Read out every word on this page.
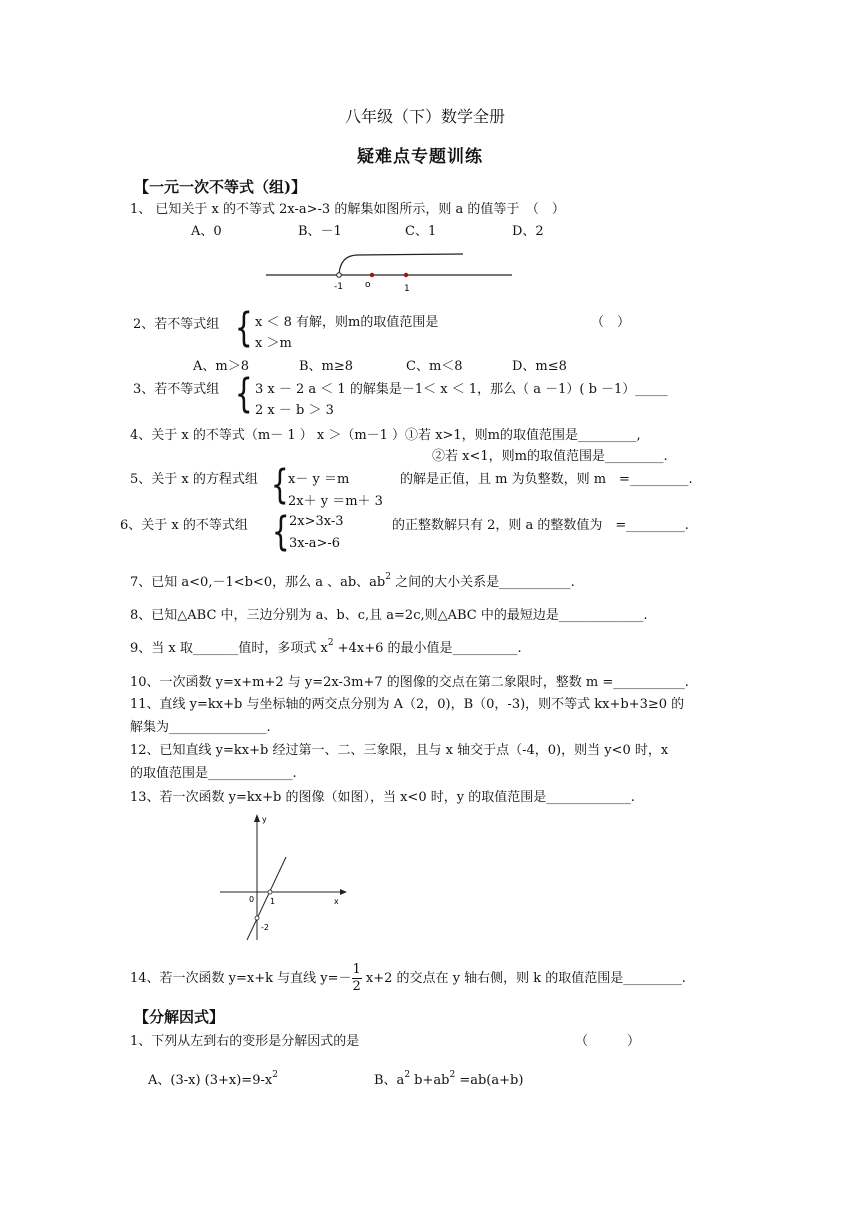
八年级（下）数学全册
疑难点专题训练
【一元一次不等式（组)】
1、 已知关于 x 的不等式 2x-a>-3 的解集如图所示，则 a 的值等于　（　）
A、0	B、－1	C、1	D、2
-1 o	1
2、若不等式组 { x ＜ 8 有解，则m的取值范围是	（　）
x ＞m
A、m＞8	B、m≥8	C、m＜8	D、m≤8
3、若不等式组 { 3 x － 2 a ＜ 1 的解集是－1＜ x ＜ 1，那么（ a －1）( b －1）_____
2 x － b ＞ 3
4、关于 x 的不等式（m－ 1 ） x ＞（m－1 ）①若 x>1，则m的取值范围是_________,
②若 x<1，则m的取值范围是_________.
5、关于 x 的方程式组 { x－ y ＝m	的解是正值，且 m 为负整数，则 m　=_________.
2x＋ y ＝m＋ 3
6、关于 x 的不等式组 { 2x>3x-3	的正整数解只有 2，则 a 的整数值为　=_________.
3x-a>-6
7、已知 a<0,－1<b<0，那么 a 、ab、$ab^2$ 之间的大小关系是___________.
8、已知△ABC 中，三边分别为 a、b、c,且 a=2c,则△ABC 中的最短边是_____________.
9、当 x 取_______值时，多项式 $x^2 +4x+6$ 的最小值是__________.
10、一次函数 y=x+m+2 与 y=2x-3m+7 的图像的交点在第二象限时，整数 m =___________.
11、直线 y=kx+b 与坐标轴的两交点分别为 A（2，0)，B（0，-3)，则不等式 kx+b+3≥0 的
解集为_______________.
12、已知直线 y=kx+b 经过第一、二、三象限，且与 x 轴交于点（-4，0)，则当 y<0 时，x
的取值范围是_____________.
13、若一次函数 y=kx+b 的图像（如图），当 x<0 时，y 的取值范围是_____________.
y
x
0 1
-2
14、若一次函数 y=x+k 与直线 $y=- \frac{1}{2} x+2$ 的交点在 y 轴右侧，则 k 的取值范围是_________.
【分解因式】
1、下列从左到右的变形是分解因式的是	（　　　）
A、(3-x) $(3+x)=9-x^2$	B、$a^2$ $b+ab^2 =ab(a+b)$
